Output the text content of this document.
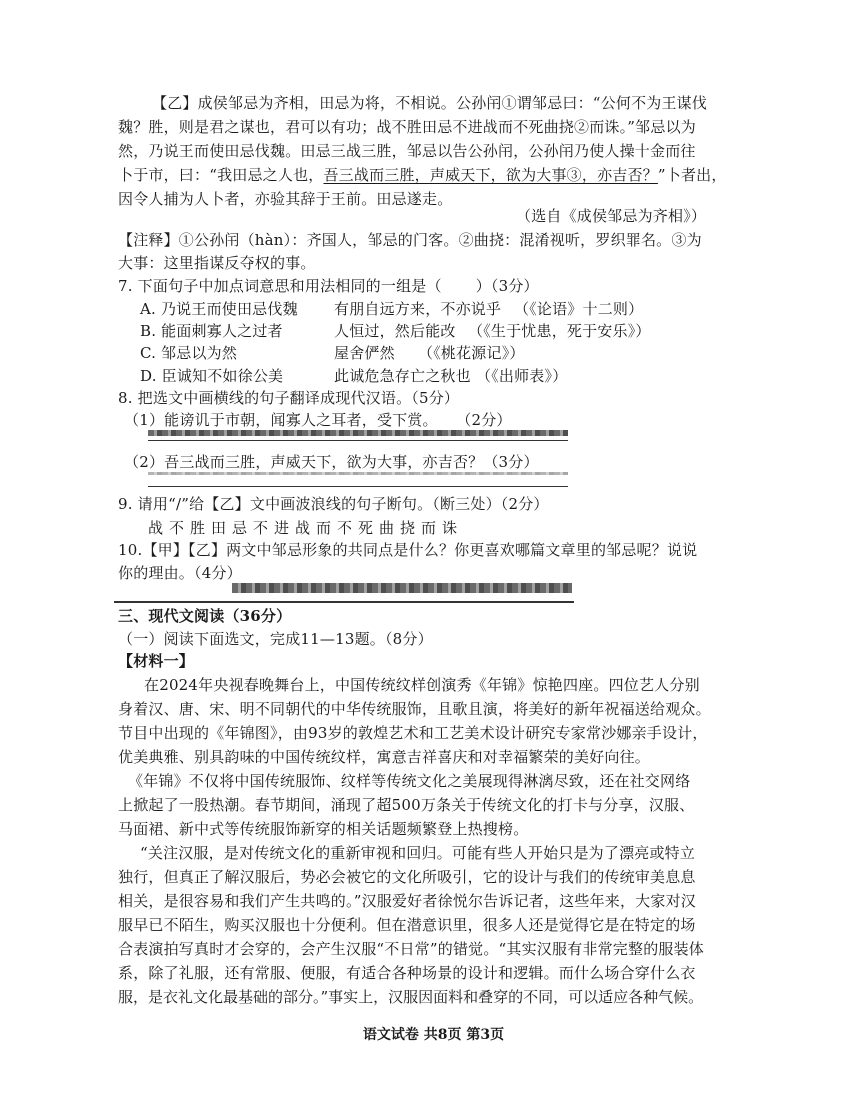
【乙】成侯邹忌为齐相，田忌为将，不相说。公孙闬①谓邹忌曰：“公何不为王谋伐
魏？胜，则是君之谋也，君可以有功；战不胜田忌不进战而不死曲挠②而诛。”邹忌以为
然，乃说王而使田忌伐魏。田忌三战三胜，邹忌以告公孙闬，公孙闬乃使人操十金而往
卜于市，曰：“我田忌之人也，吾三战而三胜，声威天下，欲为大事③，亦吉否？”卜者出，
因令人捕为人卜者，亦验其辞于王前。田忌遂走。
（选自《成侯邹忌为齐相》）
【注释】①公孙闬（hàn）：齐国人，邹忌的门客。②曲挠：混淆视听，罗织罪名。③为
大事：这里指谋反夺权的事。
7. 下面句子中加点词意思和用法相同的一组是（ ）（3分）
A. 乃说王而使田忌伐魏 有朋自远方来，不亦说乎 （《论语》十二则）
B. 能面刺寡人之过者	人恒过，然后能改 （《生于忧患，死于安乐》）
C. 邹忌以为然	屋舍俨然 （《桃花源记》）
D. 臣诚知不如徐公美	此诚危急存亡之秋也 （《出师表》）
8. 把选文中画横线的句子翻译成现代汉语。（5分）
（1）能谤讥于市朝，闻寡人之耳者，受下赏。 （2分）
（2）吾三战而三胜，声威天下，欲为大事，亦吉否？（3分）
9. 请用“/”给【乙】文中画波浪线的句子断句。（断三处）（2分）
战不胜田忌不进战而不死曲挠而诛
10.【甲】【乙】两文中邹忌形象的共同点是什么？你更喜欢哪篇文章里的邹忌呢？说说
你的理由。（4分）
三、现代文阅读（36分）
（一）阅读下面选文，完成11—13题。（8分）
【材料一】
在2024年央视春晚舞台上，中国传统纹样创演秀《年锦》惊艳四座。四位艺人分别
身着汉、唐、宋、明不同朝代的中华传统服饰，且歌且演，将美好的新年祝福送给观众。
节目中出现的《年锦图》，由93岁的敦煌艺术和工艺美术设计研究专家常沙娜亲手设计，
优美典雅、别具韵味的中国传统纹样，寓意吉祥喜庆和对幸福繁荣的美好向往。
《年锦》不仅将中国传统服饰、纹样等传统文化之美展现得淋漓尽致，还在社交网络
上掀起了一股热潮。春节期间，涌现了超500万条关于传统文化的打卡与分享，汉服、
马面裙、新中式等传统服饰新穿的相关话题频繁登上热搜榜。
“关注汉服，是对传统文化的重新审视和回归。可能有些人开始只是为了漂亮或特立
独行，但真正了解汉服后，势必会被它的文化所吸引，它的设计与我们的传统审美息息
相关，是很容易和我们产生共鸣的。”汉服爱好者徐悦尔告诉记者，这些年来，大家对汉
服早已不陌生，购买汉服也十分便利。但在潜意识里，很多人还是觉得它是在特定的场
合表演拍写真时才会穿的，会产生汉服“不日常”的错觉。“其实汉服有非常完整的服装体
系，除了礼服，还有常服、便服，有适合各种场景的设计和逻辑。而什么场合穿什么衣
服，是衣礼文化最基础的部分。”事实上，汉服因面料和叠穿的不同，可以适应各种气候。
语文试卷 共8页 第3页
